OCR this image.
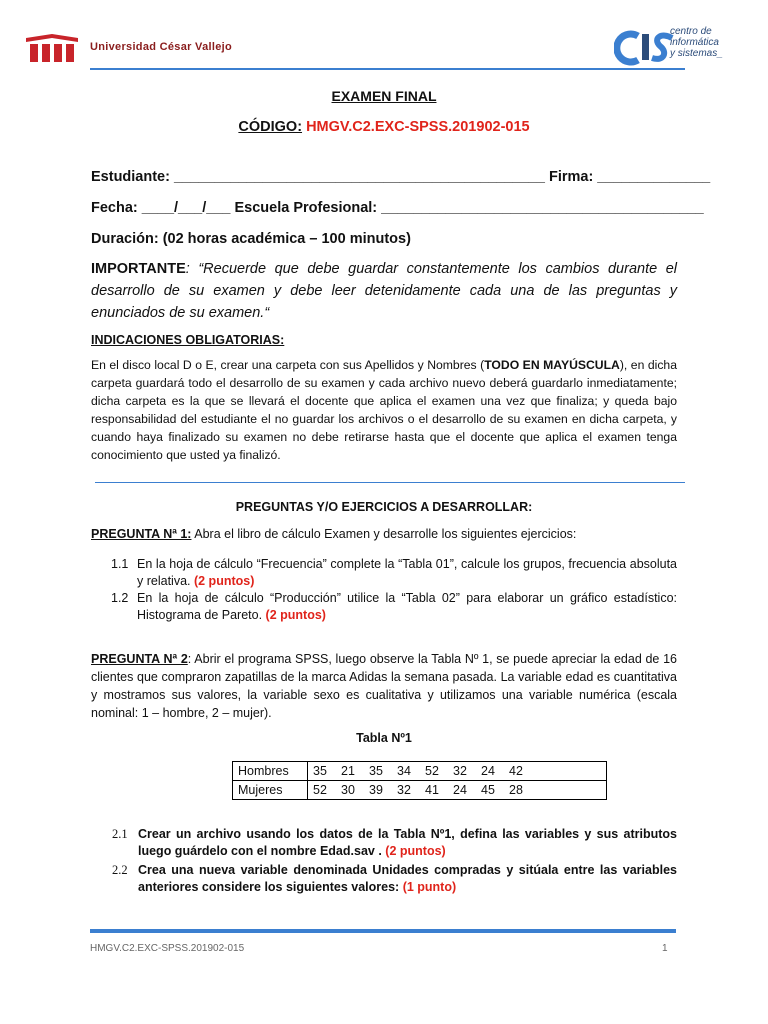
Universidad César Vallejo
centro de
informática
y sistemas_
EXAMEN FINAL
CÓDIGO: HMGV.C2.EXC-SPSS.201902-015
Estudiante: ______________________________________________ Firma: ______________
Fecha: ____/___/___ Escuela Profesional: ________________________________________
Duración: (02 horas académica – 100 minutos)
IMPORTANTE: “Recuerde que debe guardar constantemente los cambios durante el desarrollo de su examen y debe leer detenidamente cada una de las preguntas y enunciados de su examen.“
INDICACIONES OBLIGATORIAS:
En el disco local D o E, crear una carpeta con sus Apellidos y Nombres (TODO EN MAYÚSCULA), en dicha carpeta guardará todo el desarrollo de su examen y cada archivo nuevo deberá guardarlo inmediatamente; dicha carpeta es la que se llevará el docente que aplica el examen una vez que finaliza; y queda bajo responsabilidad del estudiante el no guardar los archivos o el desarrollo de su examen en dicha carpeta, y cuando haya finalizado su examen no debe retirarse hasta que el docente que aplica el examen tenga conocimiento que usted ya finalizó.
PREGUNTAS Y/O EJERCICIOS A DESARROLLAR:
PREGUNTA Nª 1: Abra el libro de cálculo Examen y desarrolle los siguientes ejercicios:
1.1 En la hoja de cálculo “Frecuencia” complete la “Tabla 01”, calcule los grupos, frecuencia absoluta y relativa. (2 puntos)
1.2 En la hoja de cálculo “Producción” utilice la “Tabla 02” para elaborar un gráfico estadístico: Histograma de Pareto. (2 puntos)
PREGUNTA Nª 2: Abrir el programa SPSS, luego observe la Tabla Nº 1, se puede apreciar la edad de 16 clientes que compraron zapatillas de la marca Adidas la semana pasada. La variable edad es cuantitativa y mostramos sus valores, la variable sexo es cualitativa y utilizamos una variable numérica (escala nominal: 1 – hombre, 2 – mujer).
Tabla Nº1
Hombres	35 21 35 34 52 32 24 42
Mujeres	52 30 39 32 41 24 45 28
2.1 Crear un archivo usando los datos de la Tabla Nº1, defina las variables y sus atributos luego guárdelo con el nombre Edad.sav . (2 puntos)
2.2 Crea una nueva variable denominada Unidades compradas y sitúala entre las variables anteriores considere los siguientes valores: (1 punto)
HMGV.C2.EXC-SPSS.201902-015	1
